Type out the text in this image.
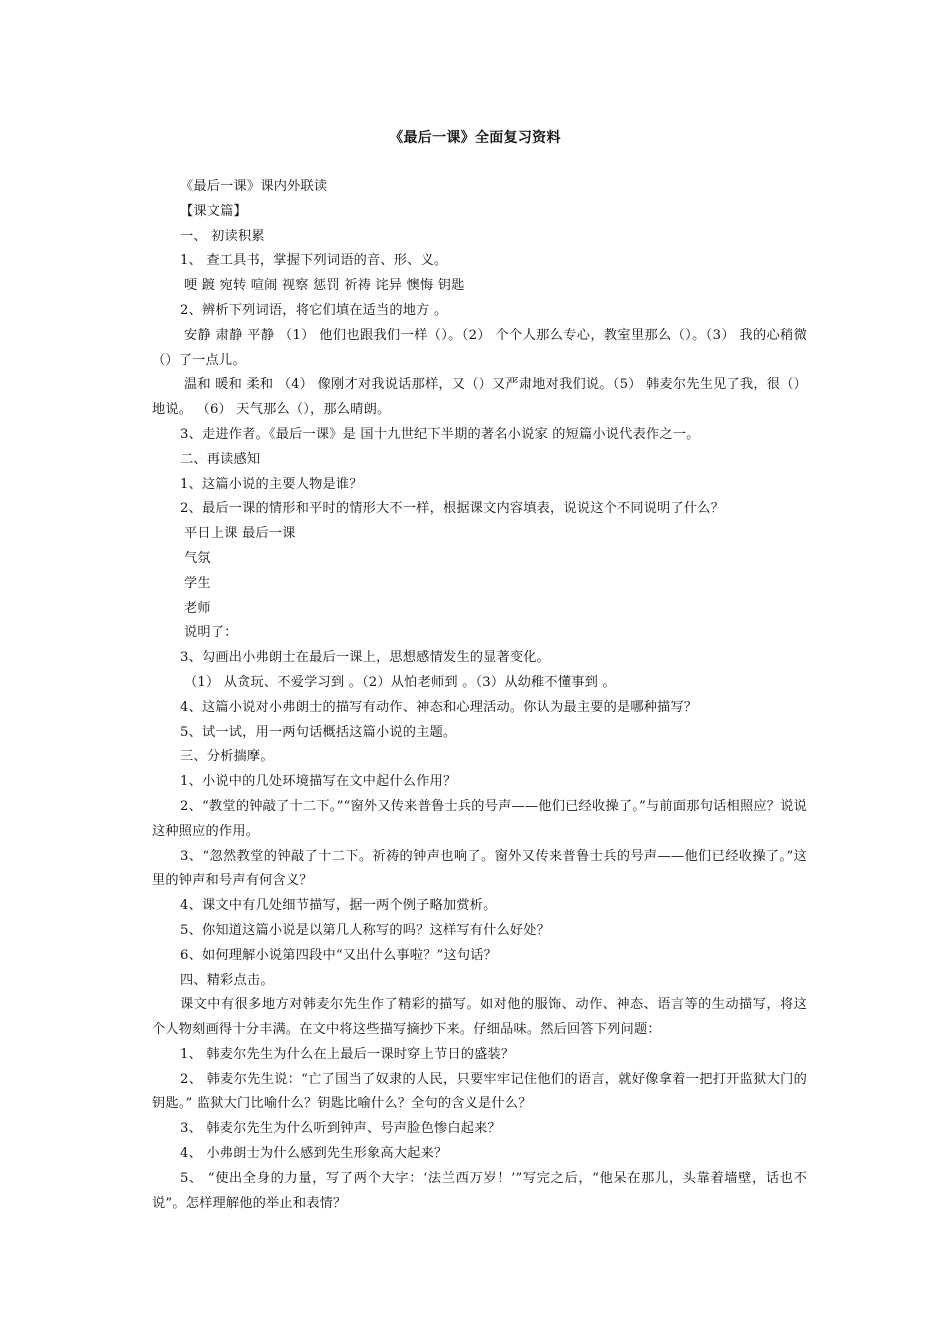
《最后一课》全面复习资料

《最后一课》课内外联读

【课文篇】

一、 初读积累

1、 查工具书，掌握下列词语的音、形、义。

哽 踱 宛转 喧闹 视察 惩罚 祈祷 诧异 懊悔 钥匙

2、辨析下列词语，将它们填在适当的地方 。

安静 肃静 平静 （1） 他们也跟我们一样（）。（2） 个个人那么专心，教室里那么（）。（3） 我的心稍微（）了一点儿。

温和 暖和 柔和 （4） 像刚才对我说话那样，又（）又严肃地对我们说。（5） 韩麦尔先生见了我，很（）地说。 （6） 天气那么（），那么晴朗。

3、走进作者。《最后一课》是 国十九世纪下半期的著名小说家 的短篇小说代表作之一。

二、再读感知

1、这篇小说的主要人物是谁？

2、最后一课的情形和平时的情形大不一样，根据课文内容填表，说说这个不同说明了什么？

平日上课 最后一课

气氛

学生

老师

说明了：

3、勾画出小弗朗士在最后一课上，思想感情发生的显著变化。

（1） 从贪玩、不爱学习到 。（2）从怕老师到 。（3）从幼稚不懂事到 。

4、这篇小说对小弗朗士的描写有动作、神态和心理活动。你认为最主要的是哪种描写？

5、试一试，用一两句话概括这篇小说的主题。

三、分析揣摩。

1、小说中的几处环境描写在文中起什么作用？

2、“教堂的钟敲了十二下。”“窗外又传来普鲁士兵的号声——他们已经收操了。”与前面那句话相照应？说说这种照应的作用。

3、“忽然教堂的钟敲了十二下。祈祷的钟声也响了。窗外又传来普鲁士兵的号声——他们已经收操了。”这里的钟声和号声有何含义？

4、课文中有几处细节描写，据一两个例子略加赏析。

5、你知道这篇小说是以第几人称写的吗？这样写有什么好处？

6、如何理解小说第四段中“又出什么事啦？”这句话？

四、精彩点击。

课文中有很多地方对韩麦尔先生作了精彩的描写。如对他的服饰、动作、神态、语言等的生动描写，将这个人物刻画得十分丰满。在文中将这些描写摘抄下来。仔细品味。然后回答下列问题：

1、 韩麦尔先生为什么在上最后一课时穿上节日的盛装？

2、 韩麦尔先生说：“亡了国当了奴隶的人民，只要牢牢记住他们的语言，就好像拿着一把打开监狱大门的钥匙。” 监狱大门比喻什么？钥匙比喻什么？全句的含义是什么？

3、 韩麦尔先生为什么听到钟声、号声脸色惨白起来？

4、 小弗朗士为什么感到先生形象高大起来？

5、 “使出全身的力量，写了两个大字：‘法兰西万岁！’”写完之后，“他呆在那儿，头靠着墙壁，话也不说”。怎样理解他的举止和表情？
